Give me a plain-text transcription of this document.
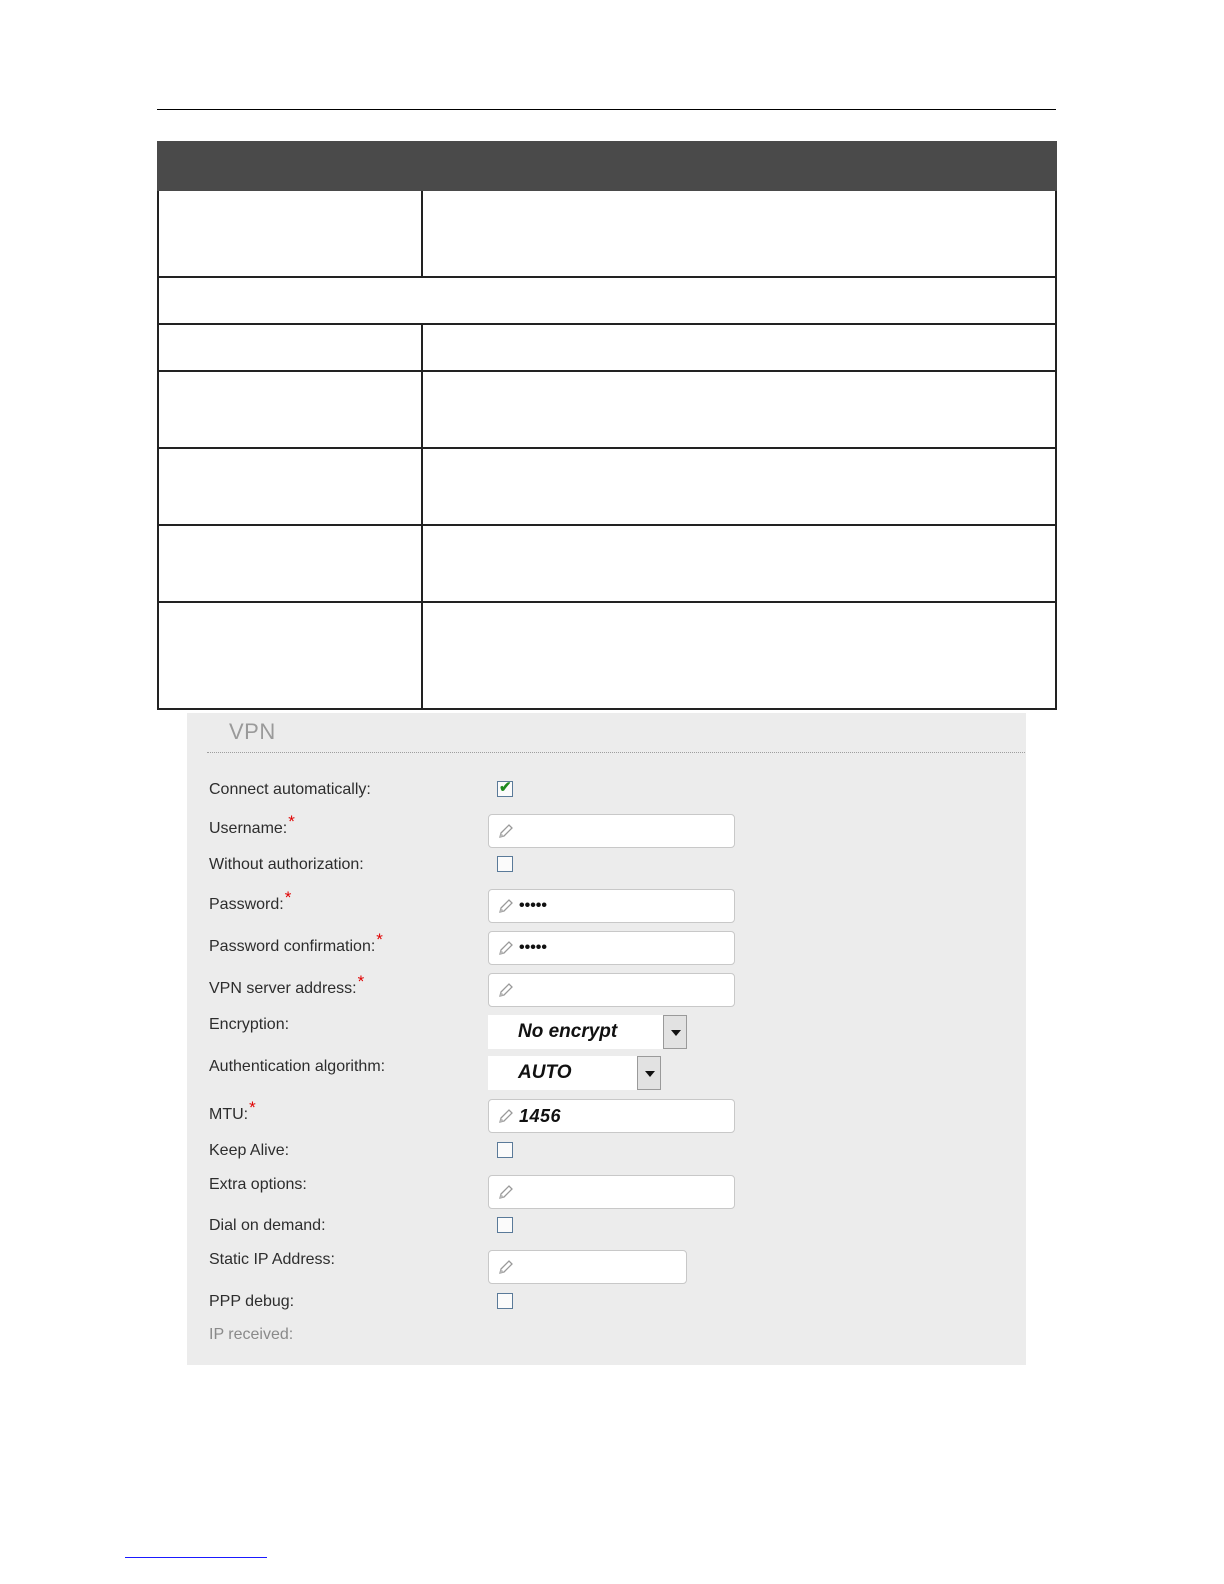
VPN
Connect automatically:	✔
Username:*
Without authorization:
Password:*	•••••
Password confirmation:*	•••••
VPN server address:*
Encryption:	No encrypt
Authentication algorithm:	AUTO
MTU:*	1456
Keep Alive:
Extra options:
Dial on demand:
Static IP Address:
PPP debug:
IP received:
